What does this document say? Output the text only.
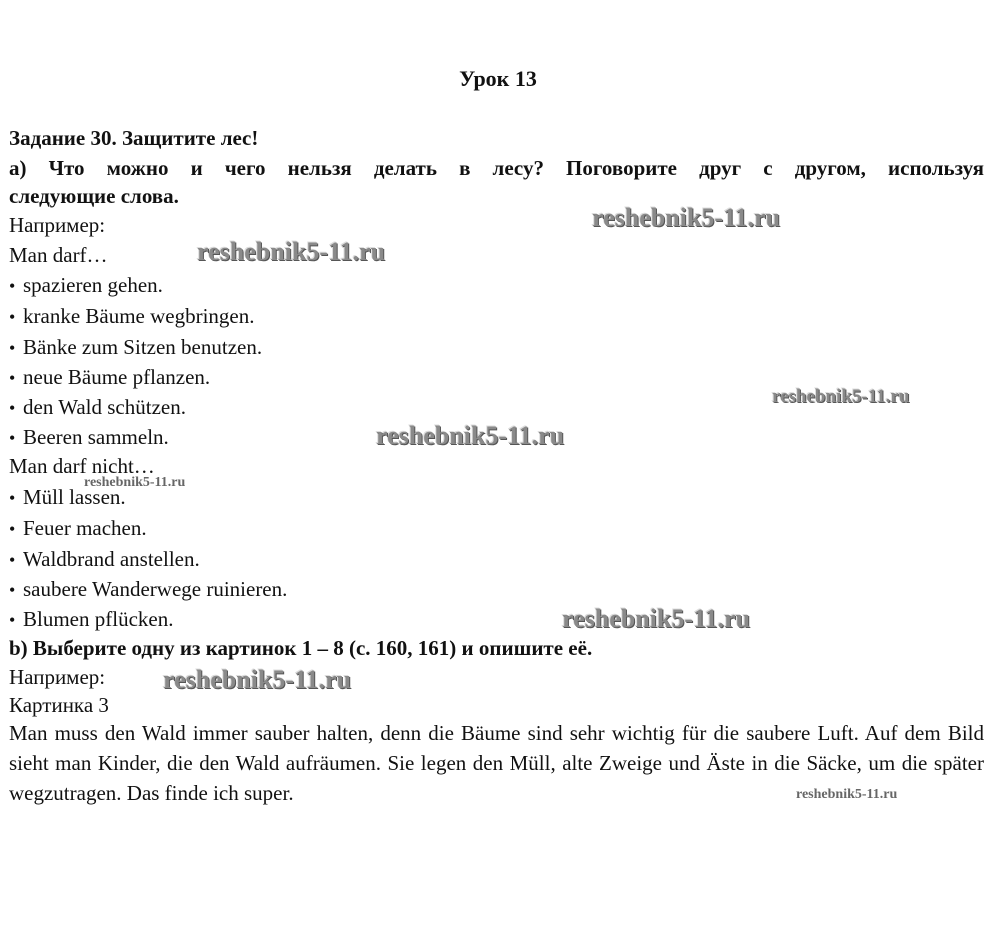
Урок 13
Задание 30. Защитите лес!
а) Что можно и чего нельзя делать в лесу? Поговорите друг с другом, используя
следующие слова.
Например:
Man darf…
• spazieren gehen.
• kranke Bäume wegbringen.
• Bänke zum Sitzen benutzen.
• neue Bäume pflanzen.
• den Wald schützen.
• Beeren sammeln.
Man darf nicht…
• Müll lassen.
• Feuer machen.
• Waldbrand anstellen.
• saubere Wanderwege ruinieren.
• Blumen pflücken.
b) Выберите одну из картинок 1 – 8 (с. 160, 161) и опишите её.
Например:
Картинка 3
Man muss den Wald immer sauber halten, denn die Bäume sind sehr wichtig für die saubere Luft. Auf dem Bild sieht man Kinder, die den Wald aufräumen. Sie legen den Müll, alte Zweige und Äste in die Säcke, um die später wegzutragen. Das finde ich super.
reshebnik5-11.ru
reshebnik5-11.ru
reshebnik5-11.ru
reshebnik5-11.ru
reshebnik5-11.ru
reshebnik5-11.ru
reshebnik5-11.ru
reshebnik5-11.ru
